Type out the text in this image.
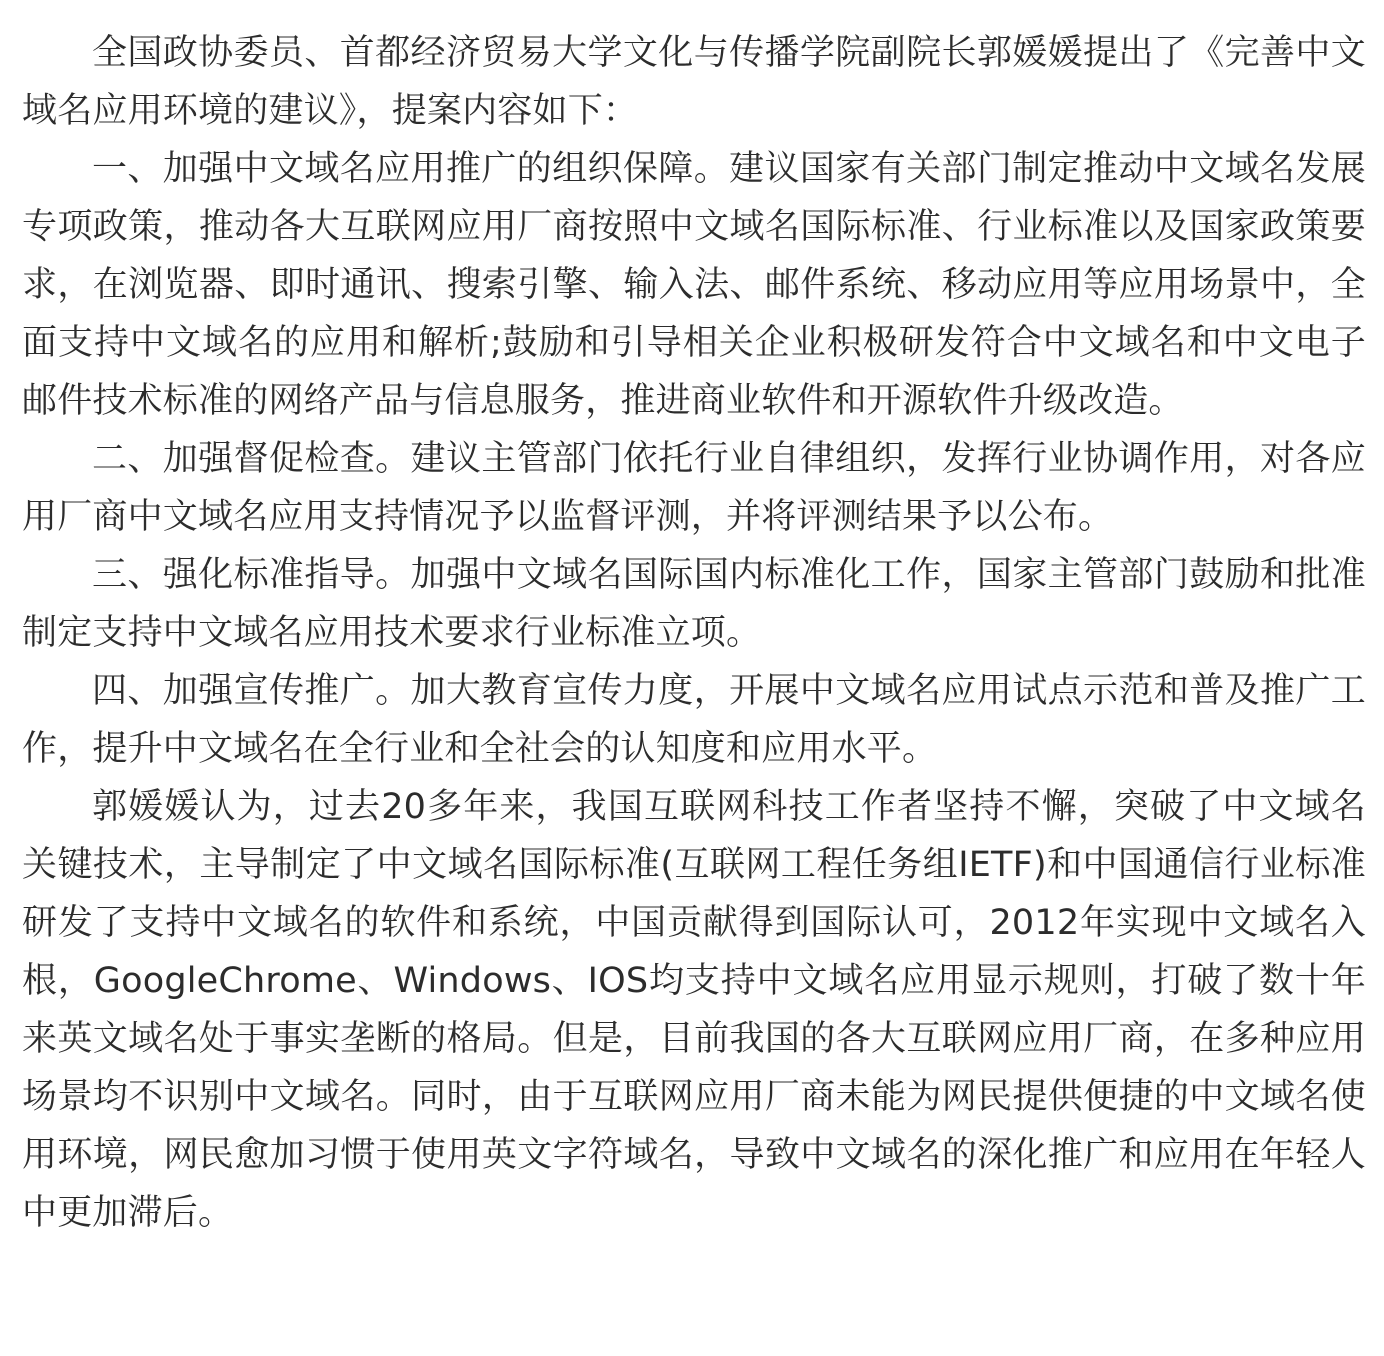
全国政协委员、首都经济贸易大学文化与传播学院副院长郭媛媛提出了《完善中文域名应用环境的建议》，提案内容如下：

一、加强中文域名应用推广的组织保障。建议国家有关部门制定推动中文域名发展专项政策，推动各大互联网应用厂商按照中文域名国际标准、行业标准以及国家政策要求，在浏览器、即时通讯、搜索引擎、输入法、邮件系统、移动应用等应用场景中，全面支持中文域名的应用和解析;鼓励和引导相关企业积极研发符合中文域名和中文电子邮件技术标准的网络产品与信息服务，推进商业软件和开源软件升级改造。

二、加强督促检查。建议主管部门依托行业自律组织，发挥行业协调作用，对各应用厂商中文域名应用支持情况予以监督评测，并将评测结果予以公布。

三、强化标准指导。加强中文域名国际国内标准化工作，国家主管部门鼓励和批准制定支持中文域名应用技术要求行业标准立项。

四、加强宣传推广。加大教育宣传力度，开展中文域名应用试点示范和普及推广工作，提升中文域名在全行业和全社会的认知度和应用水平。

郭媛媛认为，过去20多年来，我国互联网科技工作者坚持不懈，突破了中文域名关键技术，主导制定了中文域名国际标准(互联网工程任务组IETF)和中国通信行业标准研发了支持中文域名的软件和系统，中国贡献得到国际认可，2012年实现中文域名入根，GoogleChrome、Windows、IOS均支持中文域名应用显示规则，打破了数十年来英文域名处于事实垄断的格局。但是，目前我国的各大互联网应用厂商，在多种应用场景均不识别中文域名。同时，由于互联网应用厂商未能为网民提供便捷的中文域名使用环境，网民愈加习惯于使用英文字符域名，导致中文域名的深化推广和应用在年轻人中更加滞后。
